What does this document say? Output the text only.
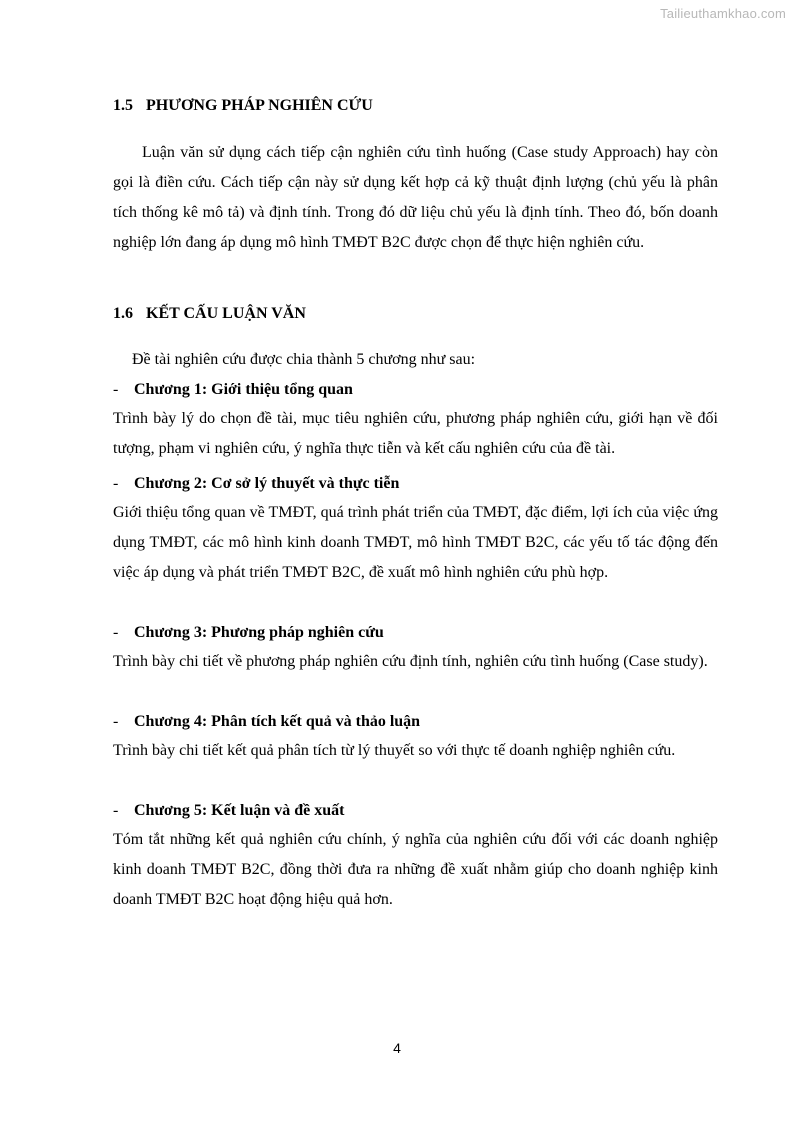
Tailieuthamkhao.com
1.5 PHƯƠNG PHÁP NGHIÊN CỨU
Luận văn sử dụng cách tiếp cận nghiên cứu tình huống (Case study Approach) hay còn gọi là điền cứu. Cách tiếp cận này sử dụng kết hợp cả kỹ thuật định lượng (chủ yếu là phân tích thống kê mô tả) và định tính. Trong đó dữ liệu chủ yếu là định tính. Theo đó, bốn doanh nghiệp lớn đang áp dụng mô hình TMĐT B2C được chọn để thực hiện nghiên cứu.
1.6 KẾT CẤU LUẬN VĂN
Đề tài nghiên cứu được chia thành 5 chương như sau:
- Chương 1: Giới thiệu tổng quan
Trình bày lý do chọn đề tài, mục tiêu nghiên cứu, phương pháp nghiên cứu, giới hạn về đối tượng, phạm vi nghiên cứu, ý nghĩa thực tiễn và kết cấu nghiên cứu của đề tài.
- Chương 2: Cơ sở lý thuyết và thực tiễn
Giới thiệu tổng quan về TMĐT, quá trình phát triển của TMĐT, đặc điểm, lợi ích của việc ứng dụng TMĐT, các mô hình kinh doanh TMĐT, mô hình TMĐT B2C, các yếu tố tác động đến việc áp dụng và phát triển TMĐT B2C, đề xuất mô hình nghiên cứu phù hợp.
- Chương 3: Phương pháp nghiên cứu
Trình bày chi tiết về phương pháp nghiên cứu định tính, nghiên cứu tình huống (Case study).
- Chương 4: Phân tích kết quả và thảo luận
Trình bày chi tiết kết quả phân tích từ lý thuyết so với thực tế doanh nghiệp nghiên cứu.
- Chương 5: Kết luận và đề xuất
Tóm tắt những kết quả nghiên cứu chính, ý nghĩa của nghiên cứu đối với các doanh nghiệp kinh doanh TMĐT B2C, đồng thời đưa ra những đề xuất nhằm giúp cho doanh nghiệp kinh doanh TMĐT B2C hoạt động hiệu quả hơn.
4
